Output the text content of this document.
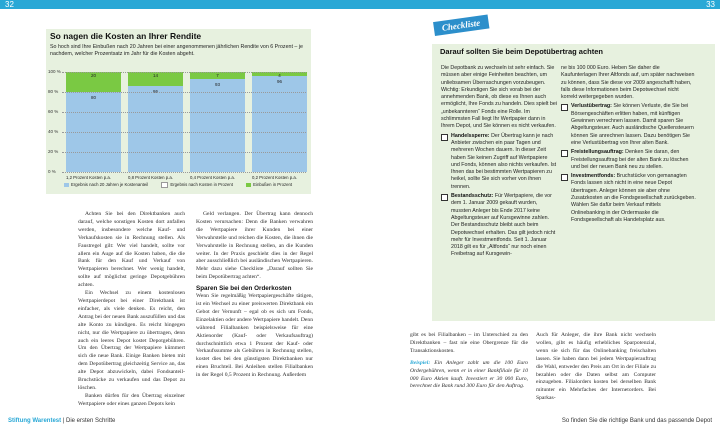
32	33
So nagen die Kosten an Ihrer Rendite
So hoch sind Ihre Einbußen nach 20 Jahren bei einer angenommenen jährlichen Rendite von 6 Prozent – je nachdem, welcher Prozentsatz im Jahr für die Kosten abgeht.
80
20
86
14
93
7
96
4
Ergebnis nach 20 Jahren je Kostenanteil	Ergebnis nach Kosten in Prozent	Einbußen in Prozent
100 %
80 %
60 %
40 %
20 %
0 %
1,2 Prozent Kosten p.a.	0,8 Prozent Kosten p.a.	0,4 Prozent Kosten p.a.	0,2 Prozent Kosten p.a.

Achten Sie bei den Direktbanken auch darauf, welche sonstigen Kosten dort anfallen werden, insbesondere welche Kauf- und Verkaufskosten sie in Rechnung stellen. Als Faustregel gilt: Wer viel handelt, sollte vor allem ein Auge auf die Kosten haben, die die Bank für den Kauf und Verkauf von Wertpapieren berechnet. Wer wenig handelt, sollte auf möglichst geringe Depotgebühren achten.

Ein Wechsel zu einem kostenlosen Wertpapierdepot bei einer Direktbank ist einfacher, als viele denken. Es reicht, den Antrag bei der neuen Bank auszufüllen und das alte Konto zu kündigen. Es reicht hingegen nicht, nur die Wertpapiere zu übertragen, denn auch ein leeres Depot kostet Depotgebühren. Um den Übertrag der Wertpapiere kümmert sich die neue Bank. Einige Banken bieten mit dem Depotübertrag gleichzeitig Service an, das alte Depot abzuwickeln, dabei Fondsanteil-Bruchstücke zu verkaufen und das Depot zu löschen.

Banken dürfen für den Übertrag einzelner Wertpapiere oder eines ganzen Depots kein

Geld verlangen. Der Übertrag kann dennoch Kosten verursachen: Denn die Banken verwahren die Wertpapiere ihrer Kunden bei einer Verwahrstelle und reichen die Kosten, die ihnen die Verwahrstelle in Rechnung stellen, an die Kunden weiter. In der Praxis geschieht dies in der Regel aber ausschließlich bei ausländischen Wertpapieren. Mehr dazu siehe Checkliste „Darauf sollten Sie beim Depotübertrag achten“.

Sparen Sie bei den Orderkosten

Wenn Sie regelmäßig Wertpapiergeschäfte tätigen, ist ein Wechsel zu einer preiswerten Direktbank ein Gebot der Vernunft – egal ob es sich um Fonds, Einzelaktien oder andere Wertpapiere handelt. Denn während Filialbanken beispielsweise für eine Aktienorder (Kauf- oder Verkaufsauftrag) durchschnittlich etwa 1 Prozent der Kauf- oder Verkaufssumme als Gebühren in Rechnung stellen, kostet dies bei den günstigsten Direktbanken nur einen Bruchteil. Bei Anleihen stellen Filialbanken in der Regel 0,5 Prozent in Rechnung. Außerdem

Checkliste
Darauf sollten Sie beim Depotübertrag achten

Die Depotbank zu wechseln ist sehr einfach. Sie müssen aber einige Feinheiten beachten, um unliebsamen Überraschungen vorzubeugen. Wichtig: Erkundigen Sie sich vorab bei der annehmenden Bank, ob diese es Ihnen auch ermöglicht, Ihre Fonds zu handeln. Dies spielt bei „unbekannteren“ Fonds eine Rolle. Im schlimmsten Fall liegt Ihr Wertpapier dann in Ihrem Depot, und Sie können es nicht verkaufen.

Handelssperre: Der Übertrag kann je nach Anbieter zwischen ein paar Tagen und mehreren Wochen dauern. In dieser Zeit haben Sie keinen Zugriff auf Wertpapiere und Fonds, können also nichts verkaufen. Ist Ihnen das bei bestimmten Wertpapieren zu heikel, sollte Sie sich vorher von ihnen trennen.
Bestandsschutz: Für Wertpapiere, die vor dem 1. Januar 2009 gekauft wurden, mussten Anleger bis Ende 2017 keine Abgeltungsteuer auf Kursgewinne zahlen. Der Bestandsschutz bleibt auch beim Depotwechsel erhalten. Das gilt jedoch nicht mehr für Investmentfonds. Seit 1. Januar 2018 gilt es für „Altfonds“ nur noch einen Freibetrag auf Kursgewin-

ne bis 100 000 Euro. Heben Sie daher die Kaufunterlagen Ihrer Altfonds auf, um später nachweisen zu können, dass Sie diese vor 2009 angeschafft haben, falls diese Informationen beim Depotwechsel nicht korrekt weitergegeben wurden.

Verlustübertrag: Sie können Verluste, die Sie bei Börsengeschäften erlitten haben, mit künftigen Gewinnen verrechnen lassen. Damit sparen Sie Abgeltungsteuer. Auch ausländische Quellensteuern können Sie anrechnen lassen. Dazu benötigen Sie eine Verlustübertrag von Ihrer alten Bank.
Freistellungsauftrag: Denken Sie daran, den Freistellungsauftrag bei der alten Bank zu löschen und bei der neuen Bank neu zu stellen.
Investmentfonds: Bruchstücke von gemanagten Fonds lassen sich nicht in eine neue Depot übertragen. Anleger können sie aber ohne Zusatzkosten an die Fondsgesellschaft zurückgeben. Wählen Sie dafür beim Verkauf mittels Onlinebanking in der Ordermaske die Fondsgesellschaft als Handelsplatz aus.

gibt es bei Filialbanken – im Unterschied zu den Direktbanken – fast nie eine Obergrenze für die Transaktionskosten.

Beispiel: Ein Anleger zahlt um die 100 Euro Ordergebühren, wenn er in einer Bankfiliale für 10 000 Euro Aktien kauft. Investiert er 30 000 Euro, berechnet die Bank rund 300 Euro für den Auftrag.

Auch für Anleger, die ihre Bank nicht wechseln wollen, gibt es häufig erhebliches Sparpotenzial, wenn sie sich für das Onlinebanking freischalten lassen. Sie haben dann bei jedem Wertpapierauftrag die Wahl, entweder den Preis am Ort in der Filiale zu bezahlen oder die Daten selbst am Computer einzugeben. Filialorders kosten bei derselben Bank mitunter ein Mehrfaches der Internetorders. Bei Sparkas-

Stiftung Warentest | Die ersten Schritte	So finden Sie die richtige Bank und das passende Depot
